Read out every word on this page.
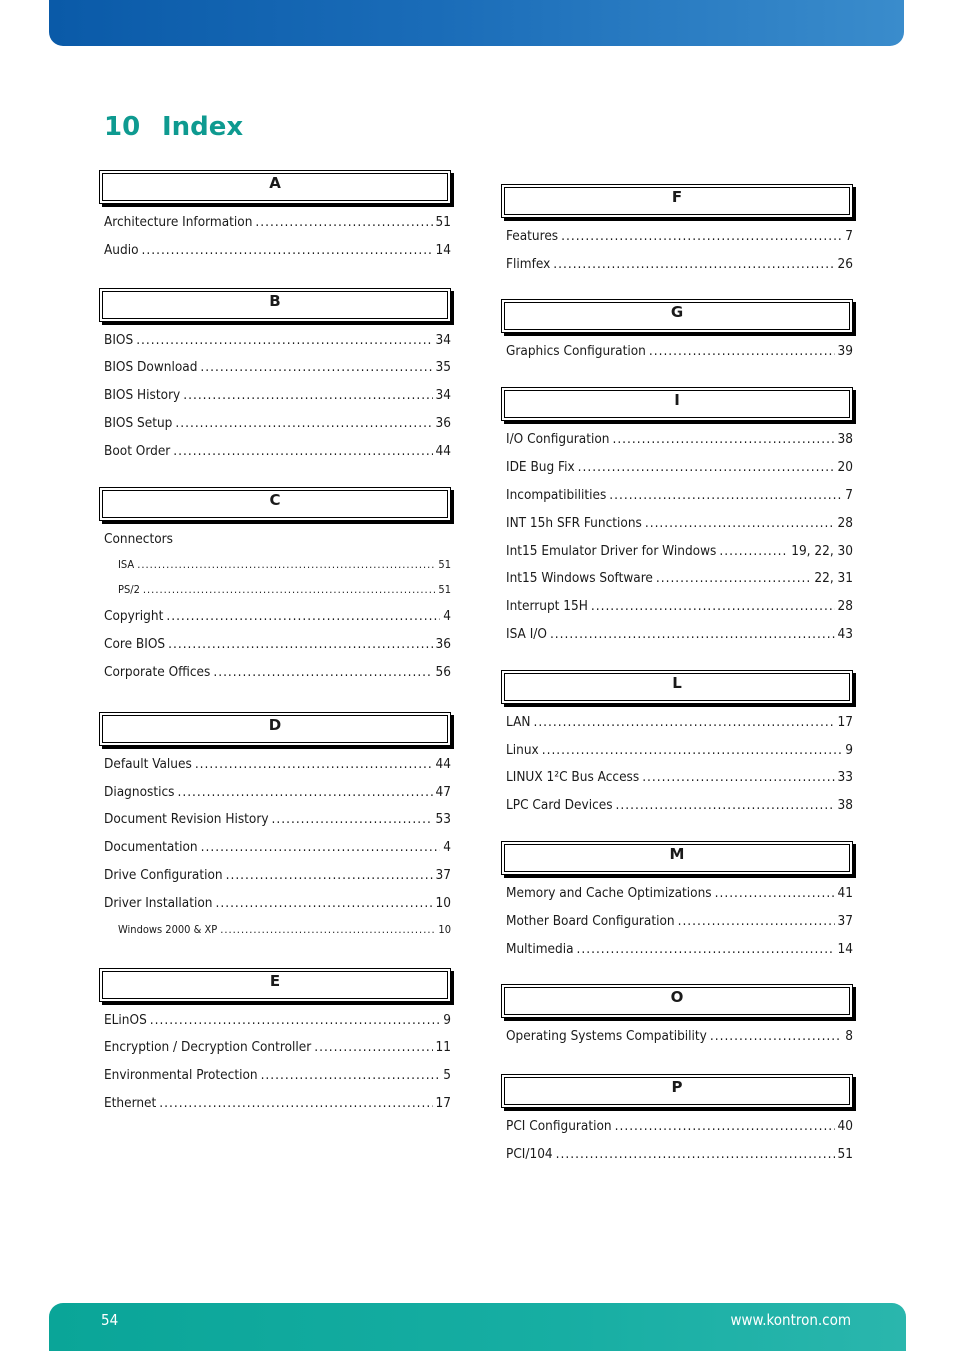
10 Index
A
Architecture Information .....	51
Audio .....	14
B
BIOS .....	34
BIOS Download .....	35
BIOS History .....	34
BIOS Setup .....	36
Boot Order .....	44
C
Connectors
ISA .....	51
PS/2 .....	51
Copyright .....	4
Core BIOS .....	36
Corporate Offices .....	56
D
Default Values .....	44
Diagnostics .....	47
Document Revision History .....	53
Documentation .....	4
Drive Configuration .....	37
Driver Installation .....	10
Windows 2000 & XP .....	10
E
ELinOS .....	9
Encryption / Decryption Controller .....	11
Environmental Protection .....	5
Ethernet .....	17
F
Features .....	7
Flimfex .....	26
G
Graphics Configuration .....	39
I
I/O Configuration .....	38
IDE Bug Fix .....	20
Incompatibilities .....	7
INT 15h SFR Functions .....	28
Int15 Emulator Driver for Windows .....	19, 22, 30
Int15 Windows Software .....	22, 31
Interrupt 15H .....	28
ISA I/O .....	43
L
LAN .....	17
Linux .....	9
LINUX 1²C Bus Access .....	33
LPC Card Devices .....	38
M
Memory and Cache Optimizations .....	41
Mother Board Configuration .....	37
Multimedia .....	14
O
Operating Systems Compatibility .....	8
P
PCI Configuration .....	40
PCI/104 .....	51
54	www.kontron.com
